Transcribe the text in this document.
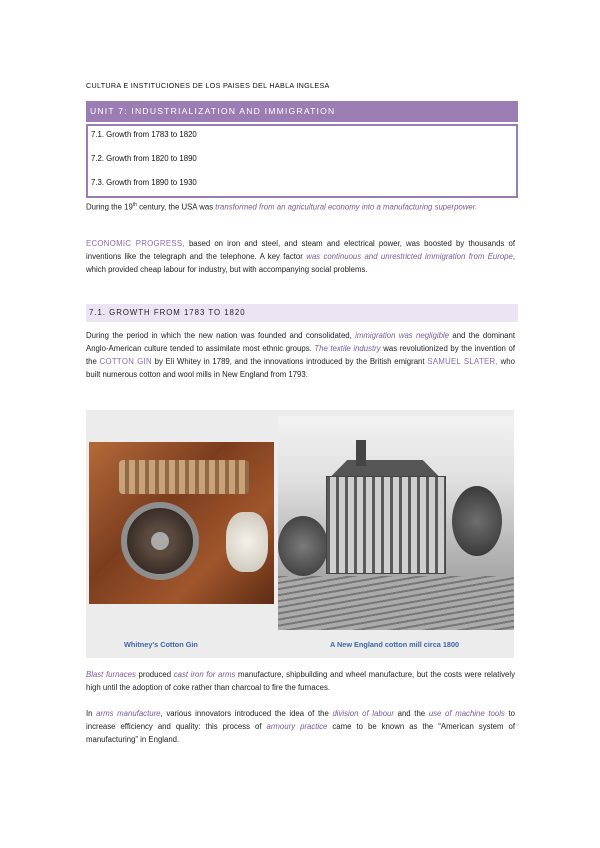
CULTURA E INSTITUCIONES DE LOS PAISES DEL HABLA INGLESA
UNIT 7: INDUSTRIALIZATION AND IMMIGRATION
7.1. Growth from 1783 to 1820
7.2. Growth from 1820 to 1890
7.3. Growth from 1890 to 1930

During the 19th century, the USA was transformed from an agricultural economy into a manufacturing superpower.

ECONOMIC PROGRESS, based on iron and steel, and steam and electrical power, was boosted by thousands of inventions like the telegraph and the telephone. A key factor was continuous and unrestricted immigration from Europe, which provided cheap labour for industry, but with accompanying social problems.

7.1. GROWTH FROM 1783 TO 1820

During the period in which the new nation was founded and consolidated, immigration was negligible and the dominant Anglo-American culture tended to assimilate most ethnic groups. The textile industry was revolutionized by the invention of the COTTON GIN by Eli Whitey in 1789, and the innovations introduced by the British emigrant SAMUEL SLATER, who built numerous cotton and wool mills in New England from 1793.

Whitney's Cotton Gin	A New England cotton mill circa 1800

Blast furnaces produced cast iron for arms manufacture, shipbuilding and wheel manufacture, but the costs were relatively high until the adoption of coke rather than charcoal to fire the furnaces.

In arms manufacture, various innovators introduced the idea of the division of labour and the use of machine tools to increase efficiency and quality: this process of armoury practice came to be known as the “American system of manufacturing” in England.
